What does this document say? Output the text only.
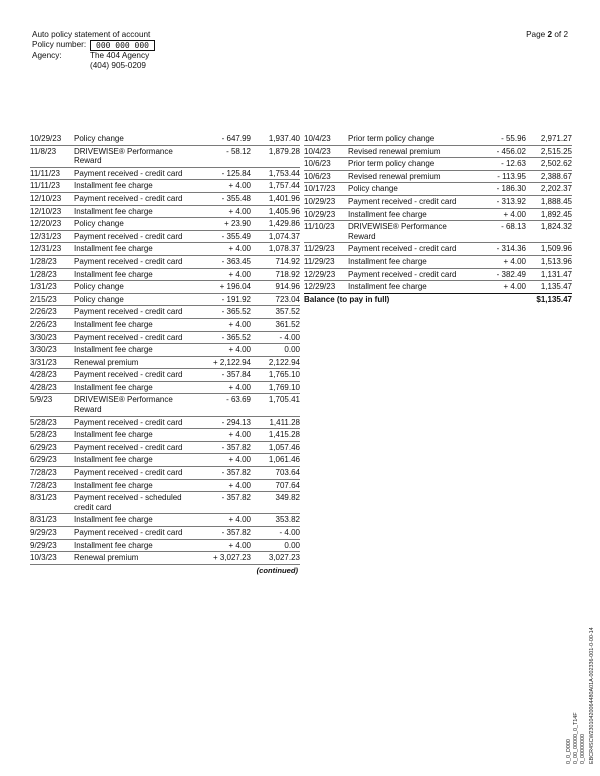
Auto policy statement of account
Policy number:	000 000 000
Agency:	The 404 Agency
(404) 905-0209
Page 2 of 2
10/29/23	Policy change	- 647.99	1,937.40
11/8/23	DRIVEWISE® Performance Reward
- 58.12	1,879.28
11/11/23	Payment received - credit card	- 125.84	1,753.44
11/11/23	Installment fee charge	+ 4.00	1,757.44
12/10/23	Payment received - credit card	- 355.48	1,401.96
12/10/23	Installment fee charge	+ 4.00	1,405.96
12/20/23	Policy change	+ 23.90	1,429.86
12/31/23	Payment received - credit card	- 355.49	1,074.37
12/31/23	Installment fee charge	+ 4.00	1,078.37
1/28/23	Payment received - credit card	- 363.45	714.92
1/28/23	Installment fee charge	+ 4.00	718.92
1/31/23	Policy change	+ 196.04	914.96
2/15/23	Policy change	- 191.92	723.04
2/26/23	Payment received - credit card	- 365.52	357.52
2/26/23	Installment fee charge	+ 4.00	361.52
3/30/23	Payment received - credit card	- 365.52	- 4.00
3/30/23	Installment fee charge	+ 4.00	0.00
3/31/23	Renewal premium	+ 2,122.94	2,122.94
4/28/23	Payment received - credit card	- 357.84	1,765.10
4/28/23	Installment fee charge	+ 4.00	1,769.10
5/9/23	DRIVEWISE® Performance Reward
- 63.69	1,705.41
5/28/23	Payment received - credit card	- 294.13	1,411.28
5/28/23	Installment fee charge	+ 4.00	1,415.28
6/29/23	Payment received - credit card	- 357.82	1,057.46
6/29/23	Installment fee charge	+ 4.00	1,061.46
7/28/23	Payment received - credit card	- 357.82	703.64
7/28/23	Installment fee charge	+ 4.00	707.64
8/31/23	Payment received - scheduled credit card
- 357.82	349.82
8/31/23	Installment fee charge	+ 4.00	353.82
9/29/23	Payment received - credit card	- 357.82	- 4.00
9/29/23	Installment fee charge	+ 4.00	0.00
10/3/23	Renewal premium	+ 3,027.23	3,027.23
(continued)
10/4/23	Prior term policy change	- 55.96	2,971.27
10/4/23	Revised renewal premium	- 456.02	2,515.25
10/6/23	Prior term policy change	- 12.63	2,502.62
10/6/23	Revised renewal premium	- 113.95	2,388.67
10/17/23	Policy change	- 186.30	2,202.37
10/29/23	Payment received - credit card	- 313.92	1,888.45
10/29/23	Installment fee charge	+ 4.00	1,892.45
11/10/23	DRIVEWISE® Performance Reward
- 68.13	1,824.32
11/29/23	Payment received - credit card	- 314.36	1,509.96
11/29/23	Installment fee charge	+ 4.00	1,513.96
12/29/23	Payment received - credit card	- 382.49	1,131.47
12/29/23	Installment fee charge	+ 4.00	1,135.47
Balance (to pay in full)	$1,135.47
EBCR4SCW23010420064480A01A-002336-001-0-00-14
0_0_D000 0_00_00000_0_T14F 0_00000000
